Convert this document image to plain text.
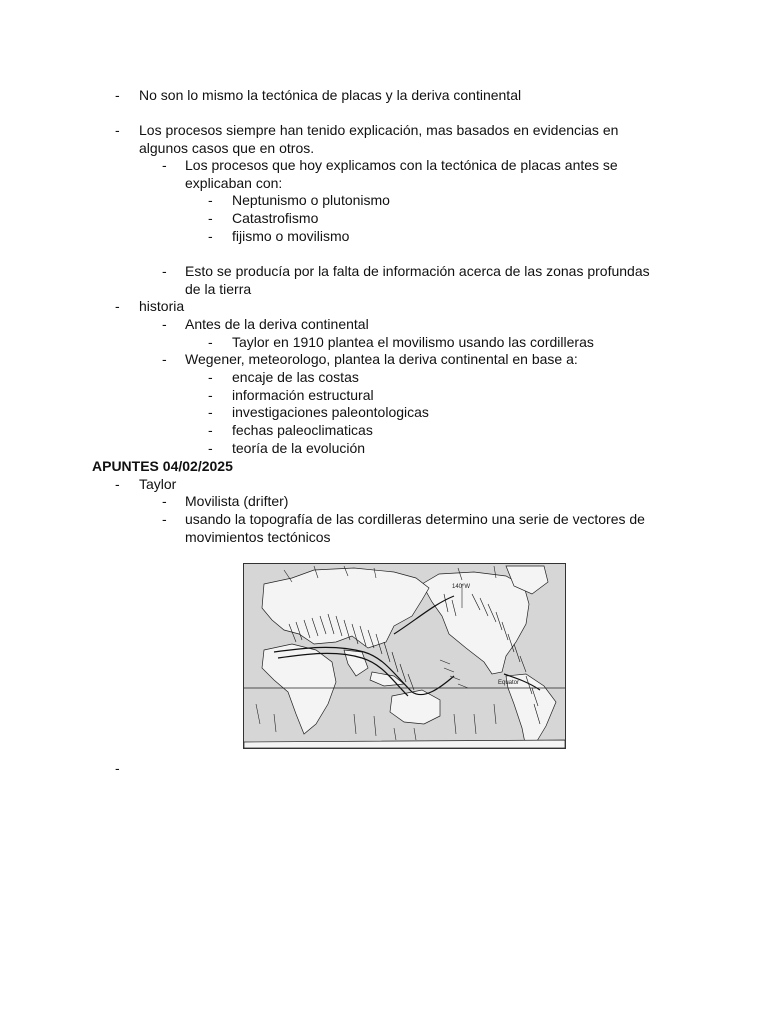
- No son lo mismo la tectónica de placas y la deriva continental
- Los procesos siempre han tenido explicación, mas basados en evidencias en
algunos casos que en otros.
- Los procesos que hoy explicamos con la tectónica de placas antes se
explicaban con:
- Neptunismo o plutonismo
- Catastrofismo
- fijismo o movilismo
- Esto se producía por la falta de información acerca de las zonas profundas
de la tierra
- historia
- Antes de la deriva continental
- Taylor en 1910 plantea el movilismo usando las cordilleras
- Wegener, meteorologo, plantea la deriva continental en base a:
- encaje de las costas
- información estructural
- investigaciones paleontologicas
- fechas paleoclimaticas
- teoría de la evolución
APUNTES 04/02/2025
- Taylor
- Movilista (drifter)
- usando la topografía de las cordilleras determino una serie de vectores de
movimientos tectónicos
140°W
Equator
-
